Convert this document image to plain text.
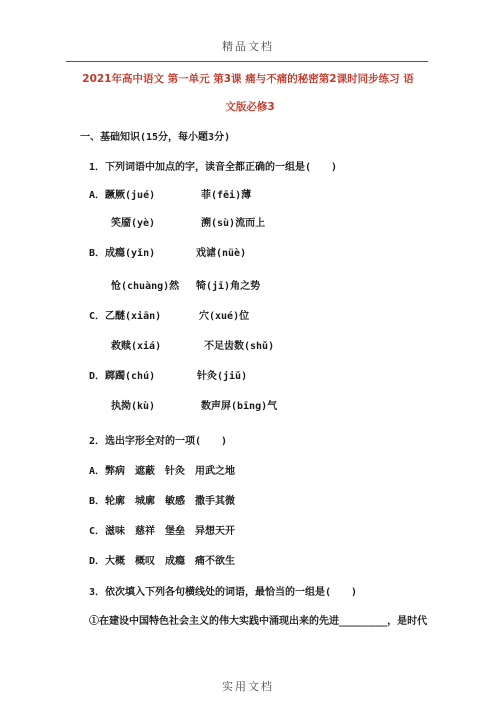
精品文档
2021年高中语文 第一单元 第3课 痛与不痛的秘密第2课时同步练习 语
文版必修3
一、基础知识(15分，每小题3分)
1．下列词语中加点的字，读音全都正确的一组是(　　)
A．蹶厥(jué)	菲(fēi)薄
笑靥(yè)	溯(sù)流而上
B．成瘾(yǐn)	戏谑(nüè)
怆(chuàng)然 犄(jī)角之势
C．乙醚(xiān)	穴(xué)位
救赎(xiá)	不足齿数(shǔ)
D．踯躅(chú)	针灸(jiǔ)
执拗(kù)	数声屏(bīng)气
2．选出字形全对的一项(　　)
A．弊病　遮蔽　针灸　用武之地
B．轮廓　城廓　敏感　撒手其微
C．滋味　慈祥　堡垒　异想天开
D．大概　概叹　成瘾　痛不欲生
3．依次填入下列各句横线处的词语，最恰当的一组是(　　)
①在建设中国特色社会主义的伟大实践中涌现出来的先进________，是时代
实用文档
